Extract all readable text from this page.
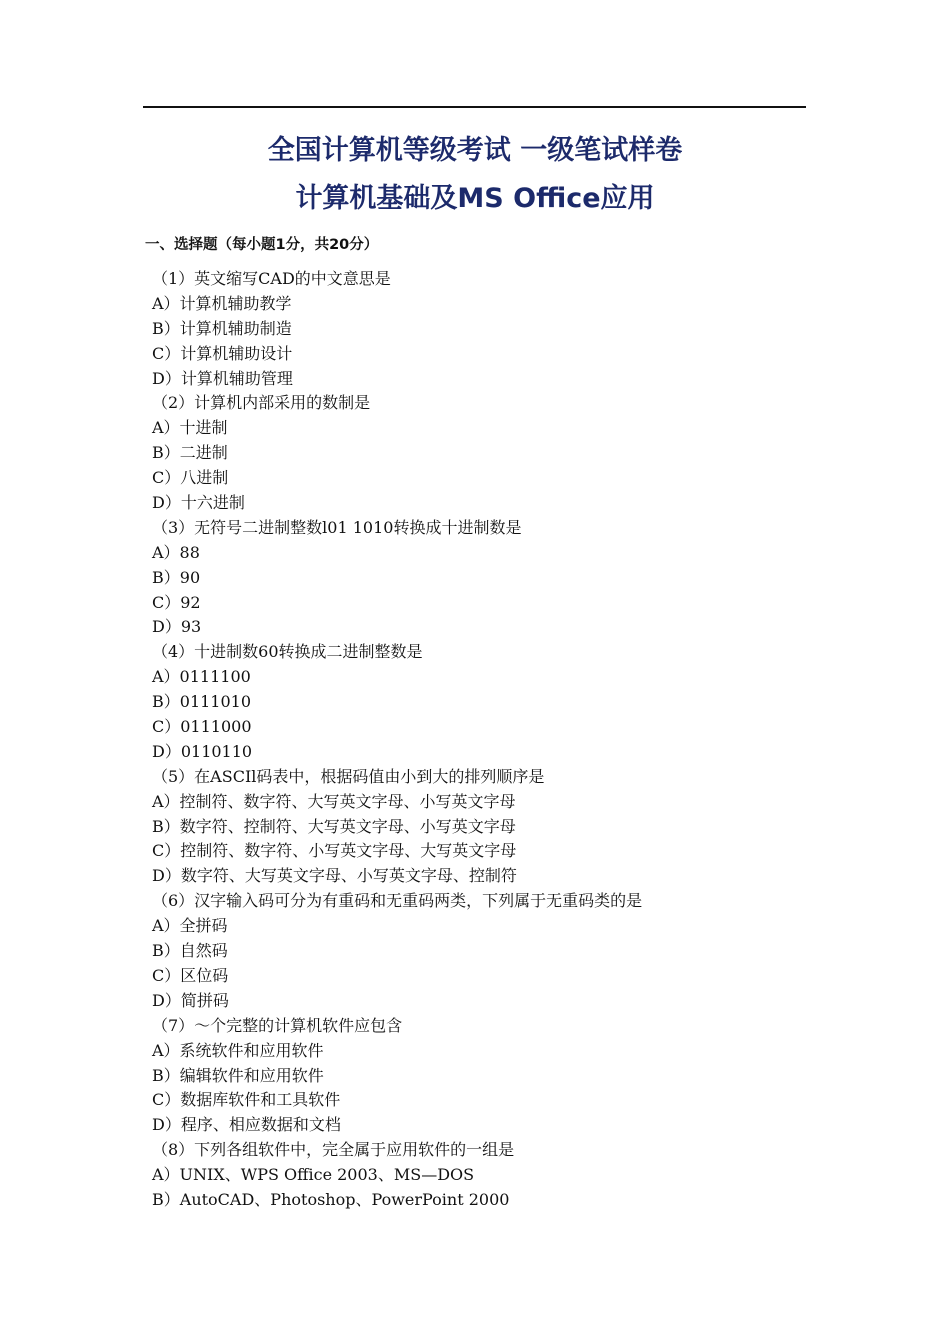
全国计算机等级考试 一级笔试样卷
计算机基础及MS Office应用
一、选择题（每小题1分，共20分）
（1）英文缩写CAD的中文意思是
A）计算机辅助教学
B）计算机辅助制造
C）计算机辅助设计
D）计算机辅助管理
（2）计算机内部采用的数制是
A）十进制
B）二进制
C）八进制
D）十六进制
（3）无符号二进制整数l01 1010转换成十进制数是
A）88
B）90
C）92
D）93
（4）十进制数60转换成二进制整数是
A）0111100
B）0111010
C）0111000
D）0110110
（5）在ASCIl码表中，根据码值由小到大的排列顺序是
A）控制符、数字符、大写英文字母、小写英文字母
B）数字符、控制符、大写英文字母、小写英文字母
C）控制符、数字符、小写英文字母、大写英文字母
D）数字符、大写英文字母、小写英文字母、控制符
（6）汉字输入码可分为有重码和无重码两类，下列属于无重码类的是
A）全拼码
B）自然码
C）区位码
D）简拼码
（7）～个完整的计算机软件应包含
A）系统软件和应用软件
B）编辑软件和应用软件
C）数据库软件和工具软件
D）程序、相应数据和文档
（8）下列各组软件中，完全属于应用软件的一组是
A）UNIX、WPS Office 2003、MS—DOS
B）AutoCAD、Photoshop、PowerPoint 2000
